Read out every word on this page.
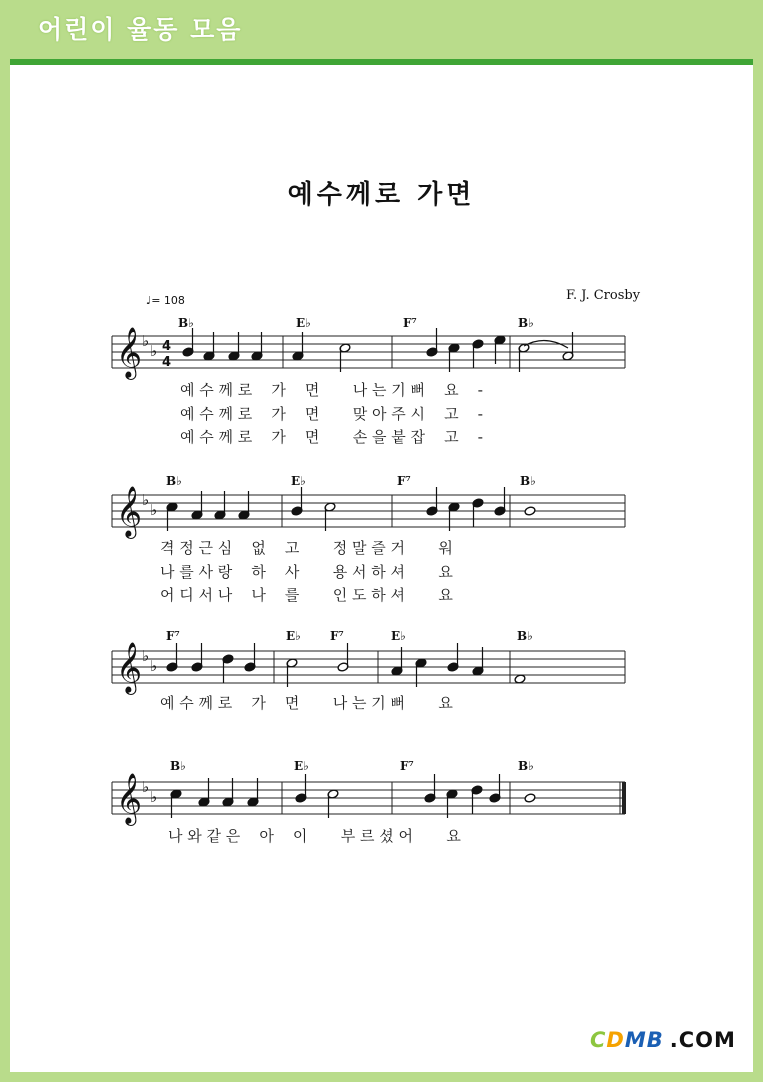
어린이 율동 모음
예수께로 가면
F. J. Crosby
♩= 108
𝄞 ♭
♭ 4
4
𝄞 ♭
♭
𝄞 ♭
♭
𝄞 ♭
♭
B♭	E♭	F⁷	B♭
예 수 께 로    가    면       나 는 기 뻐    요    -
예 수 께 로    가    면       맞 아 주 시    고    -
예 수 께 로    가    면       손 을 붙 잡    고    -
B♭	E♭	F⁷	B♭
격 정 근 심    없    고       정 말 즐 거       워
나 를 사 랑    하    사       용 서 하 셔       요
어 디 서 나    나    를       인 도 하 셔       요
F⁷	E♭ F⁷	E♭	B♭
예 수 께 로    가    면       나 는 기 뻐       요
B♭	E♭	F⁷	B♭
나 와 같 은    아    이       부 르 셨 어       요
CDMB .COM
